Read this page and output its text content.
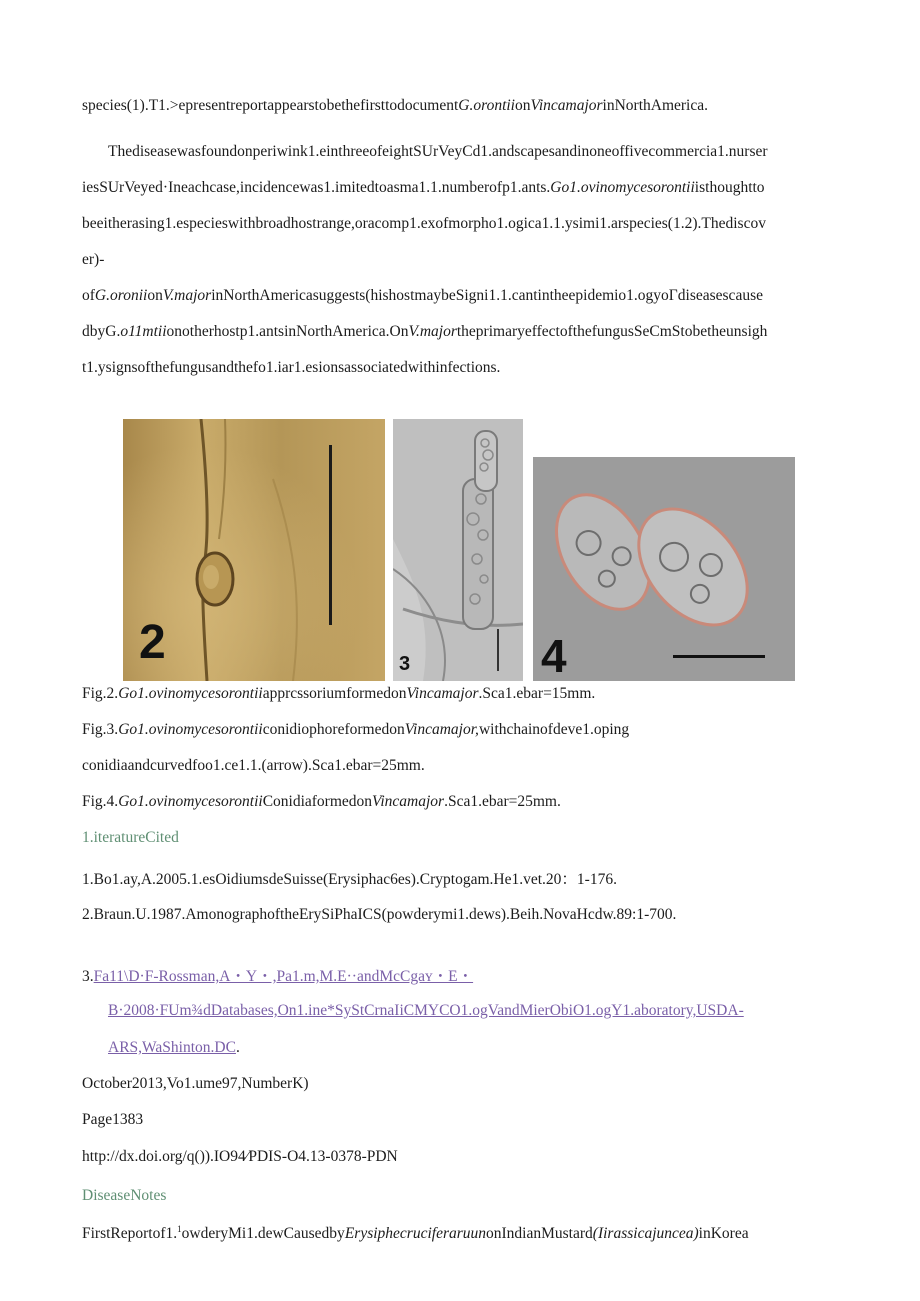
species(1).T1.>epresentreportappearstobethefirsttodocumentG.orontiionVincamajorinNorthAmerica.
Thediseasewasfoundonperiwink1.einthreeofeightSUrVeyCd1.andscapesandinoneoffivecommercia1.nurser
iesSUrVeyed·Ineachcase,incidencewas1.imitedtoasma1.1.numberofp1.ants.Go1.ovinomycesorontiiisthoughtto
beeitherasing1.especieswithbroadhostrange,oracomp1.exofmorpho1.ogica1.1.ysimi1.arspecies(1.2).Thediscov
er)-
ofG.oroniionV.majorinNorthAmericasuggests(hishostmaybeSigni1.1.cantintheepidemio1.ogyoГdiseasescause
dbyG.o11mtiionotherhostp1.antsinNorthAmerica.OnV.majortheprimaryeffectofthefungusSeCmStobetheunsigh
t1.ysignsofthefungusandthefo1.iar1.esionsassociatedwithinfections.
2	3	4
Fig.2.Go1.ovinomycesorontiiapprcssoriumformedonVincamajor.Sca1.ebar=15mm.
Fig.3.Go1.ovinomycesorontiiconidiophoreformedonVincamajor,withchainofdeve1.oping
conidiaandcurvedfoo1.ce1.1.(arrow).Sca1.ebar=25mm.
Fig.4.Go1.ovinomycesorontiiConidiaformedonVincamajor.Sca1.ebar=25mm.
1.iteratureCited
1.Bo1.ay,A.2005.1.esOidiumsdeSuisse(Erysiphac6es).Cryptogam.He1.vet.20：1-176.
2.Braun.U.1987.AmonographoftheErySiPhaICS(powderymi1.dews).Beih.NovaHcdw.89:1-700.
3.Fa11\D·F-Rossman,A・Y・,Pa1.m,M.E··andMcCgaʏ・E・
B·2008·FUm¾dDatabases,On1.ine*SyStCrnaIiCMYCO1.ogVandMierObiO1.ogY1.aboratory,USDA-
ARS,WaShinton.DC.
October2013,Vo1.ume97,NumberK)
Page1383
http://dx.doi.org/q()).IO94⁄PDIS-O4.13-0378-PDN
DiseaseNotes
FirstReportof1.$^1$owderyMi1.dewCausedbyErysiphecruciferaruunonIndianMustard(Iirassicajuncea)inKorea
